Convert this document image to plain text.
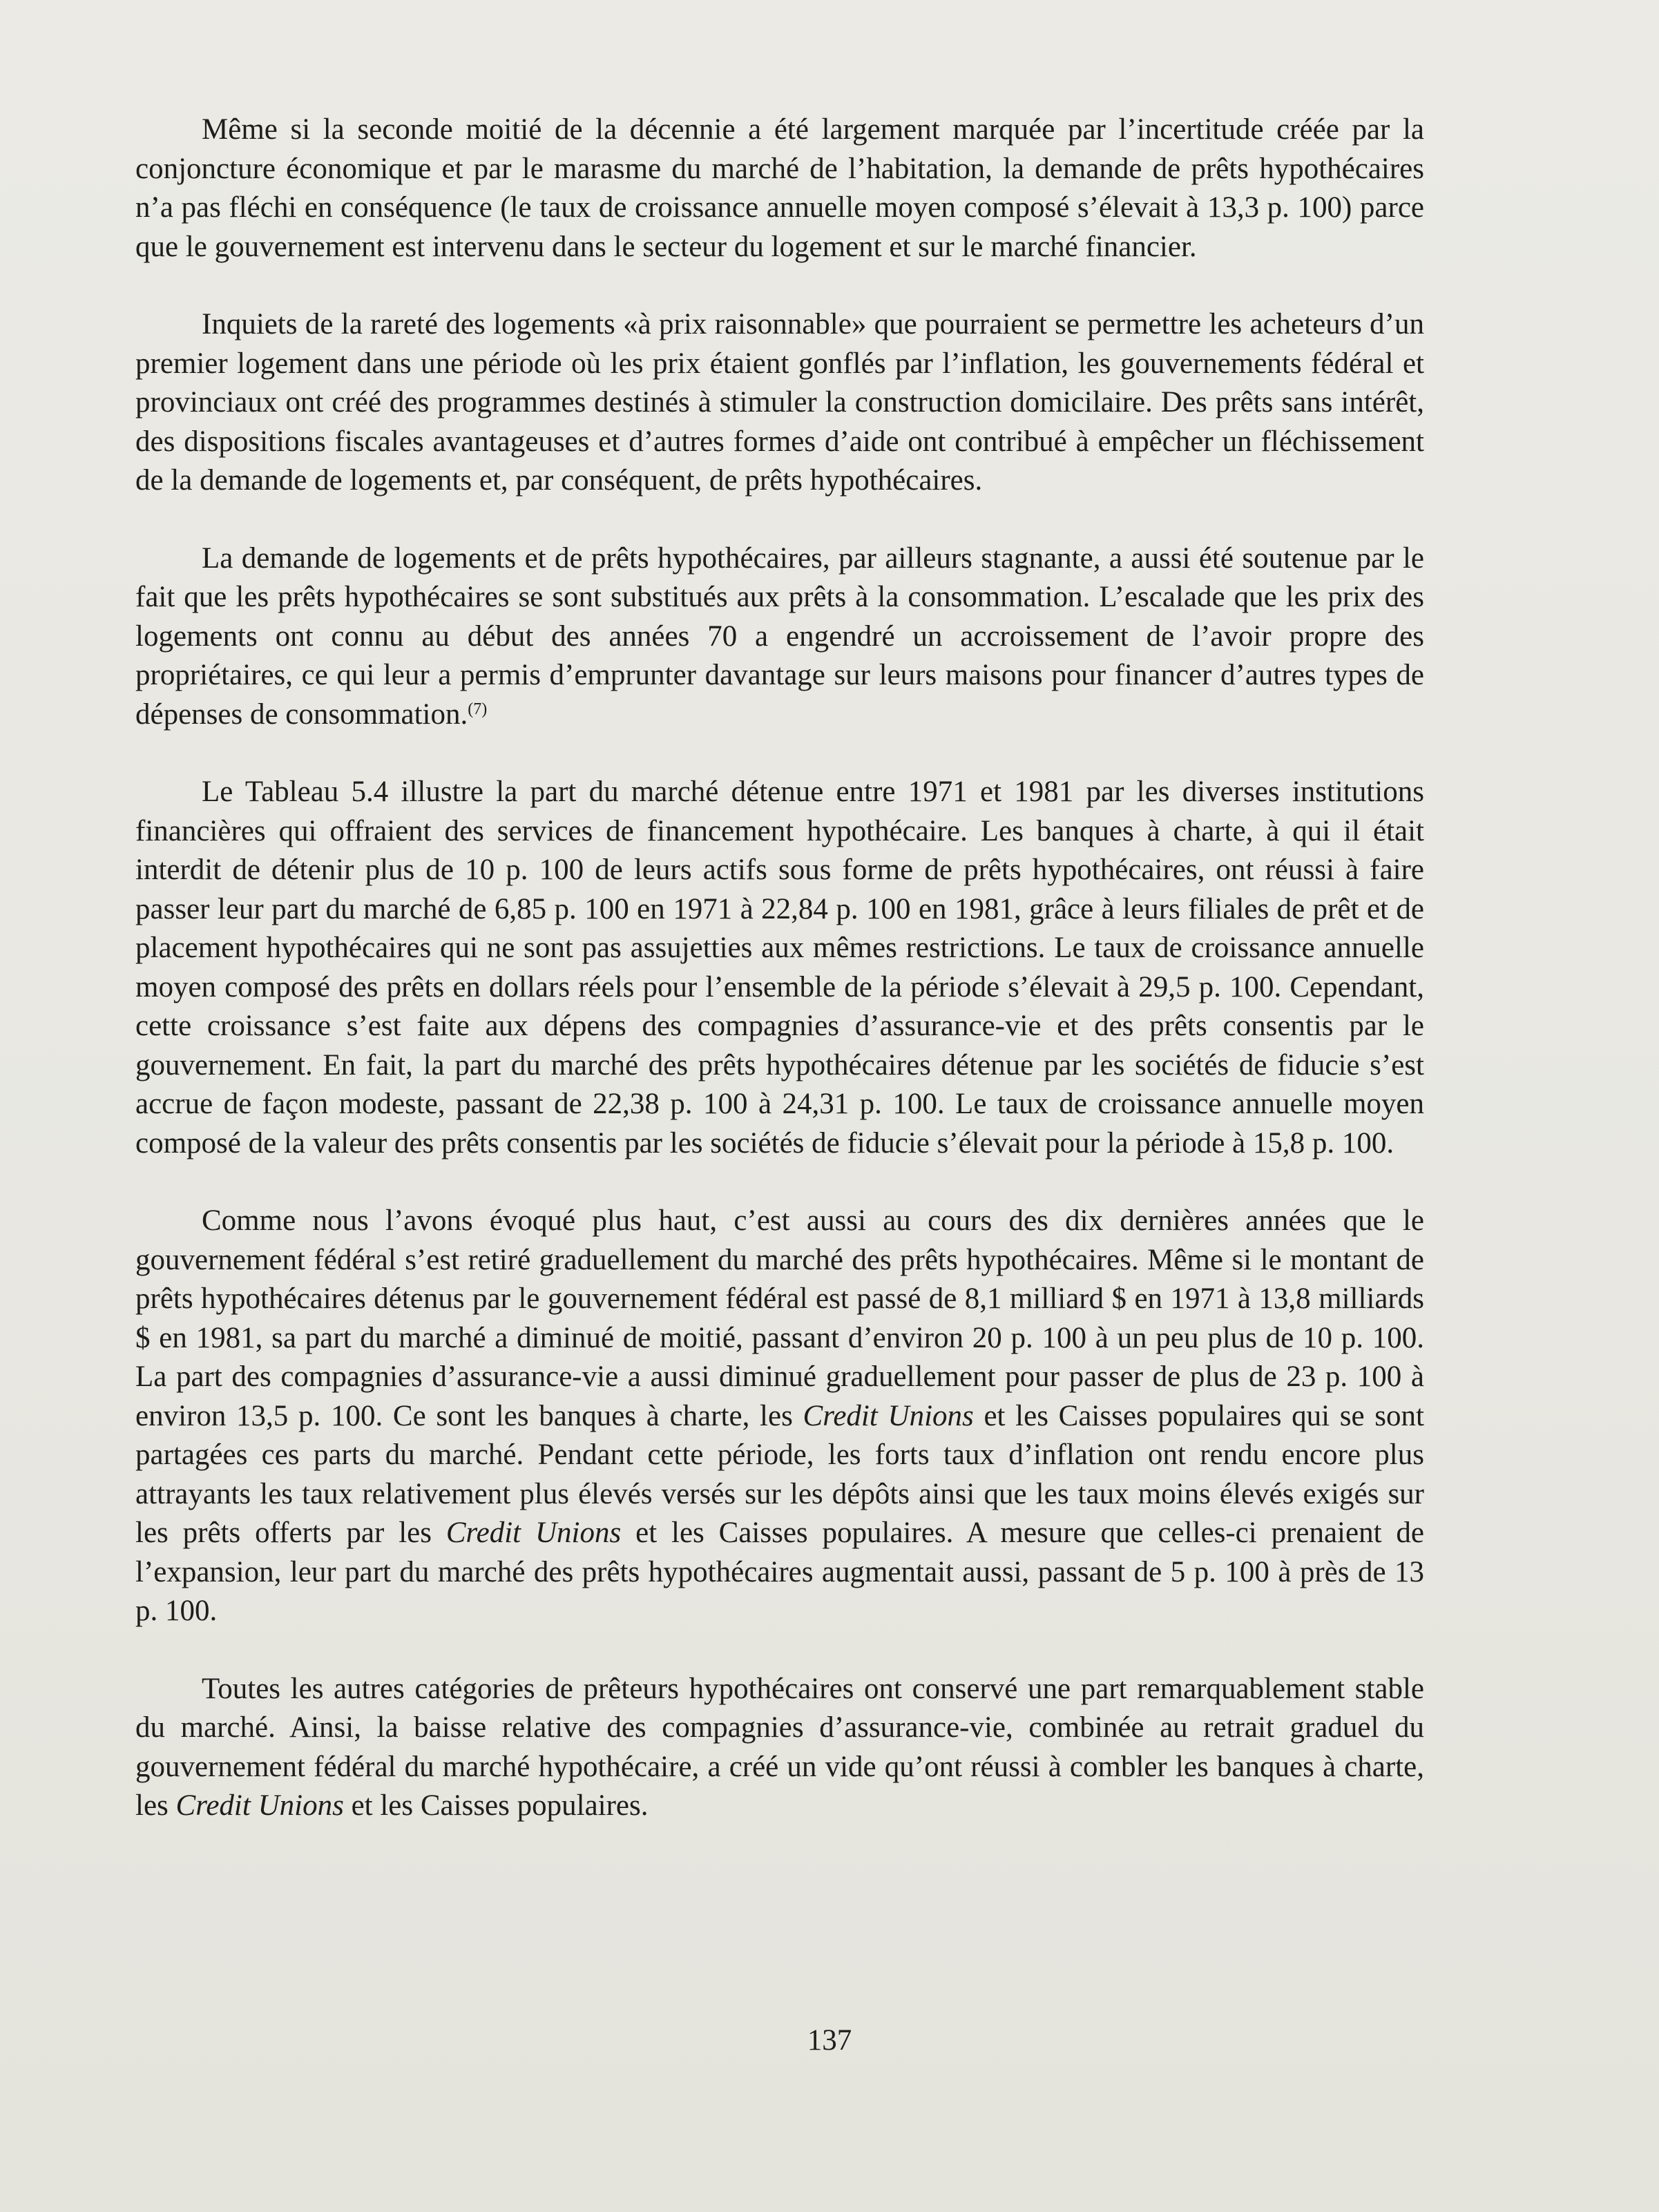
Même si la seconde moitié de la décennie a été largement marquée par l’incertitude créée par la conjoncture économique et par le marasme du marché de l’habitation, la demande de prêts hypothécaires n’a pas fléchi en conséquence (le taux de croissance annuelle moyen composé s’élevait à 13,3 p. 100) parce que le gouvernement est intervenu dans le secteur du logement et sur le marché financier.

Inquiets de la rareté des logements «à prix raisonnable» que pourraient se permettre les acheteurs d’un premier logement dans une période où les prix étaient gonflés par l’inflation, les gouvernements fédéral et provinciaux ont créé des programmes destinés à stimuler la construction domicilaire. Des prêts sans intérêt, des dispositions fiscales avantageuses et d’autres formes d’aide ont contribué à empêcher un fléchissement de la demande de logements et, par conséquent, de prêts hypothécaires.

La demande de logements et de prêts hypothécaires, par ailleurs stagnante, a aussi été soutenue par le fait que les prêts hypothécaires se sont substitués aux prêts à la consommation. L’escalade que les prix des logements ont connu au début des années 70 a engendré un accroissement de l’avoir propre des propriétaires, ce qui leur a permis d’emprunter davantage sur leurs maisons pour financer d’autres types de dépenses de consommation.$^{(7)}$

Le Tableau 5.4 illustre la part du marché détenue entre 1971 et 1981 par les diverses institutions financières qui offraient des services de financement hypothécaire. Les banques à charte, à qui il était interdit de détenir plus de 10 p. 100 de leurs actifs sous forme de prêts hypothécaires, ont réussi à faire passer leur part du marché de 6,85 p. 100 en 1971 à 22,84 p. 100 en 1981, grâce à leurs filiales de prêt et de placement hypothécaires qui ne sont pas assujetties aux mêmes restrictions. Le taux de croissance annuelle moyen composé des prêts en dollars réels pour l’ensemble de la période s’élevait à 29,5 p. 100. Cependant, cette croissance s’est faite aux dépens des compagnies d’assurance-vie et des prêts consentis par le gouvernement. En fait, la part du marché des prêts hypothécaires détenue par les sociétés de fiducie s’est accrue de façon modeste, passant de 22,38 p. 100 à 24,31 p. 100. Le taux de croissance annuelle moyen composé de la valeur des prêts consentis par les sociétés de fiducie s’élevait pour la période à 15,8 p. 100.

Comme nous l’avons évoqué plus haut, c’est aussi au cours des dix dernières années que le gouvernement fédéral s’est retiré graduellement du marché des prêts hypothécaires. Même si le montant de prêts hypothécaires détenus par le gouvernement fédéral est passé de 8,1 milliard $ en 1971 à 13,8 milliards $ en 1981, sa part du marché a diminué de moitié, passant d’environ 20 p. 100 à un peu plus de 10 p. 100. La part des compagnies d’assurance-vie a aussi diminué graduellement pour passer de plus de 23 p. 100 à environ 13,5 p. 100. Ce sont les banques à charte, les Credit Unions et les Caisses populaires qui se sont partagées ces parts du marché. Pendant cette période, les forts taux d’inflation ont rendu encore plus attrayants les taux relativement plus élevés versés sur les dépôts ainsi que les taux moins élevés exigés sur les prêts offerts par les Credit Unions et les Caisses populaires. A mesure que celles-ci prenaient de l’expansion, leur part du marché des prêts hypothécaires augmentait aussi, passant de 5 p. 100 à près de 13 p. 100.

Toutes les autres catégories de prêteurs hypothécaires ont conservé une part remarquablement stable du marché. Ainsi, la baisse relative des compagnies d’assurance-vie, combinée au retrait graduel du gouvernement fédéral du marché hypothécaire, a créé un vide qu’ont réussi à combler les banques à charte, les Credit Unions et les Caisses populaires.

137
